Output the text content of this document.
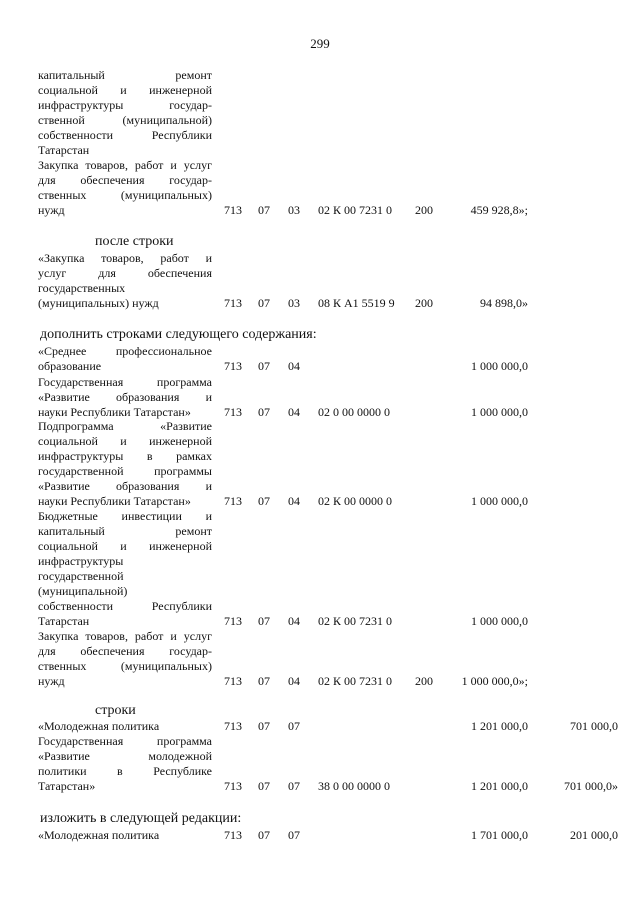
299
капитальный ремонт
социальной и инженерной
инфраструктуры государ-
ственной (муниципальной)
собственности Республики
Татарстан
Закупка товаров, работ и услуг
для обеспечения государ-
ственных (муниципальных)
нужд	713 07 03 02 К 00 7231 0 200	459 928,8»;
после строки
«Закупка товаров, работ и
услуг для обеспечения
государственных
(муниципальных) нужд	713 07 03 08 К А1 5519 9 200	94 898,0»
дополнить строками следующего содержания:
«Среднее профессиональное
образование	713 07 04	1 000 000,0
Государственная программа
«Развитие образования и
науки Республики Татарстан»	713 07 04 02 0 00 0000 0	1 000 000,0
Подпрограмма «Развитие
социальной и инженерной
инфраструктуры в рамках
государственной программы
«Развитие образования и
науки Республики Татарстан»	713 07 04 02 К 00 0000 0	1 000 000,0
Бюджетные инвестиции и
капитальный ремонт
социальной и инженерной
инфраструктуры
государственной
(муниципальной)
собственности Республики
Татарстан	713 07 04 02 К 00 7231 0	1 000 000,0
Закупка товаров, работ и услуг
для обеспечения государ-
ственных (муниципальных)
нужд	713 07 04 02 К 00 7231 0 200 1 000 000,0»;
строки
«Молодежная политика	713 07 07	1 201 000,0	701 000,0
Государственная программа
«Развитие молодежной
политики в Республике
Татарстан»	713 07 07 38 0 00 0000 0	1 201 000,0	701 000,0»
изложить в следующей редакции:
«Молодежная политика	713 07 07	1 701 000,0	201 000,0
